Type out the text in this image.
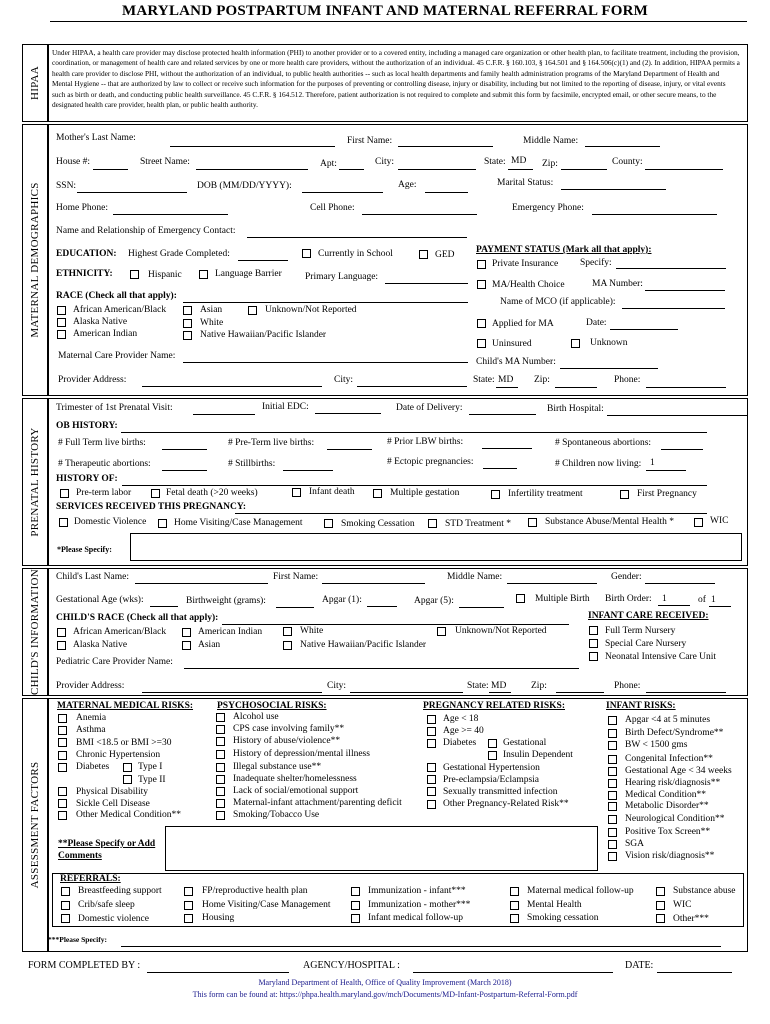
MARYLAND POSTPARTUM INFANT AND MATERNAL REFERRAL FORM
HIPAA
Under HIPAA, a health care provider may disclose protected health information (PHI) to another provider or to a covered entity, including a managed care organization or other health plan, to facilitate treatment, including the provision, coordination, or management of health care and related services by one or more health care providers, without the authorization of an individual. 45 C.F.R. § 160.103, § 164.501 and § 164.506(c)(1) and (2). In addition, HIPAA permits a health care provider to disclose PHI, without the authorization of an individual, to public health authorities -- such as local health departments and family health administration programs of the Maryland Department of Health and Mental Hygiene -- that are authorized by law to collect or receive such information for the purposes of preventing or controlling disease, injury or disability, including but not limited to the reporting of disease, injury, or vital events such as birth or death, and conducting public health surveillance. 45 C.F.R. § 164.512. Therefore, patient authorization is not required to complete and submit this form by facsimile, encrypted email, or other secure means, to the designated health care provider, health plan, or public health authority.
MATERNAL DEMOGRAPHICS
Mother's Last Name:	First Name:	Middle Name:
House #:	Street Name:	Apt:	City:	State: MD Zip:	County:
SSN:	DOB (MM/DD/YYYY):	Age:	Marital Status:
Home Phone:	Cell Phone:	Emergency Phone:
Name and Relationship of Emergency Contact:
EDUCATION: Highest Grade Completed:	Currently in School	GED
ETHNICITY:	Hispanic	Language Barrier Primary Language:
RACE (Check all that apply):
African American/Black
Alaska Native
American Indian
Asian
White
Native Hawaiian/Pacific Islander
Unknown/Not Reported
Maternal Care Provider Name:
Provider Address:	City:
PAYMENT STATUS (Mark all that apply):
Private Insurance Specify:
MA/Health Choice	MA Number:
Name of MCO (if applicable):
Applied for MA	Date:
Uninsured	Unknown
Child's MA Number:
State: MD Zip:	Phone:
PRENATAL HISTORY
Trimester of 1st Prenatal Visit:	Initial EDC:	Date of Delivery:	Birth Hospital:
OB HISTORY:
# Full Term live births:	# Pre-Term live births:	# Prior LBW births:	# Spontaneous abortions:
# Therapeutic abortions:	# Stillbirths:	# Ectopic pregnancies:	# Children now living: 1
HISTORY OF:
Pre-term labor	Fetal death (>20 weeks)	Infant death	Multiple gestation	Infertility treatment	First Pregnancy
SERVICES RECEIVED THIS PREGNANCY:
Domestic Violence	Home Visiting/Case Management	Smoking Cessation	STD Treatment *	Substance Abuse/Mental Health *	WIC
*Please Specify:
CHILD'S INFORMATION Child's Last Name:	First Name:	Middle Name:	Gender:
Gestational Age (wks):	Birthweight (grams):	Apgar (1):	Apgar (5):	Multiple Birth Birth Order: 1	of 1
CHILD'S RACE (Check all that apply):
African American/Black
Alaska Native
American Indian
Asian
White
Native Hawaiian/Pacific Islander
Unknown/Not Reported
INFANT CARE RECEIVED:
Full Term Nursery
Special Care Nursery
Neonatal Intensive Care Unit
Pediatric Care Provider Name:
Provider Address:	City:	State: MD	Zip:	Phone:
ASSESSMENT FACTORS
MATERNAL MEDICAL RISKS:
Anemia
Asthma
BMI <18.5 or BMI >=30
Chronic Hypertension
Diabetes	Type I
Type II
Physical Disability
Sickle Cell Disease
Other Medical Condition**
PSYCHOSOCIAL RISKS:
Alcohol use
CPS case involving family**
History of abuse/violence**
History of depression/mental illness
Illegal substance use**
Inadequate shelter/homelessness
Lack of social/emotional support
Maternal-infant attachment/parenting deficit
Smoking/Tobacco Use
PREGNANCY RELATED RISKS:
Age < 18
Age >= 40
Diabetes	Gestational
Insulin Dependent
Gestational Hypertension
Pre-eclampsia/Eclampsia
Sexually transmitted infection
Other Pregnancy-Related Risk**
INFANT RISKS:
Apgar <4 at 5 minutes
Birth Defect/Syndrome**
BW < 1500 gms
Congenital Infection**
Gestational Age < 34 weeks
Hearing risk/diagnosis**
Medical Condition**
Metabolic Disorder**
Neurological Condition**
Positive Tox Screen**
SGA
Vision risk/diagnosis**
**Please Specify or Add
Comments
REFERRALS:
Breastfeeding support
Crib/safe sleep
Domestic violence
FP/reproductive health plan
Home Visiting/Case Management
Housing
Immunization - infant***
Immunization - mother***
Infant medical follow-up
Maternal medical follow-up
Mental Health
Smoking cessation
Substance abuse
WIC
Other***
***Please Specify:
FORM COMPLETED BY :	AGENCY/HOSPITAL :	DATE:
Maryland Department of Health, Office of Quality Improvement (March 2018)
This form can be found at: https://phpa.health.maryland.gov/mch/Documents/MD-Infant-Postpartum-Referral-Form.pdf
